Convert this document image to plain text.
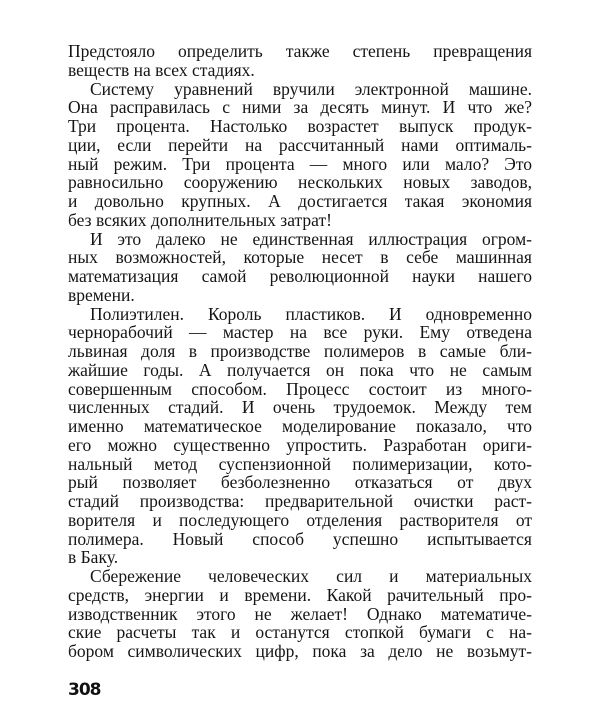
Предстояло определить также степень превращения
веществ на всех стадиях.
Систему уравнений вручили электронной машине.
Она расправилась с ними за десять минут. И что же?
Три процента. Настолько возрастет выпуск продук-
ции, если перейти на рассчитанный нами оптималь-
ный режим. Три процента — много или мало? Это
равносильно сооружению нескольких новых заводов,
и довольно крупных. А достигается такая экономия
без всяких дополнительных затрат!
И это далеко не единственная иллюстрация огром-
ных возможностей, которые несет в себе машинная
математизация самой революционной науки нашего
времени.
Полиэтилен. Король пластиков. И одновременно
чернорабочий — мастер на все руки. Ему отведена
львиная доля в производстве полимеров в самые бли-
жайшие годы. А получается он пока что не самым
совершенным способом. Процесс состоит из много-
численных стадий. И очень трудоемок. Между тем
именно математическое моделирование показало, что
его можно существенно упростить. Разработан ориги-
нальный метод суспензионной полимеризации, кото-
рый позволяет безболезненно отказаться от двух
стадий производства: предварительной очистки раст-
ворителя и последующего отделения растворителя от
полимера. Новый способ успешно испытывается
в Баку.
Сбережение человеческих сил и материальных
средств, энергии и времени. Какой рачительный про-
изводственник этого не желает! Однако математиче-
ские расчеты так и останутся стопкой бумаги с на-
бором символических цифр, пока за дело не возьмут-
308
